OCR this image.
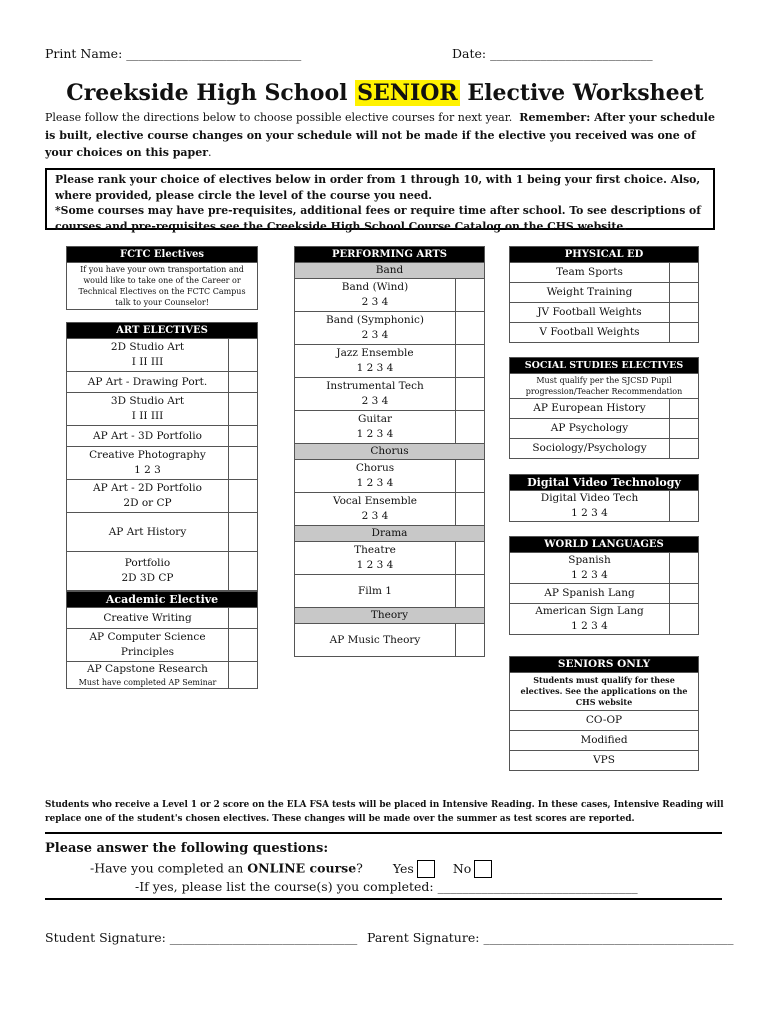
Print Name: ____________________________	Date: __________________________
Creekside High School SENIOR Elective Worksheet
Please follow the directions below to choose possible elective courses for next year. Remember: After your schedule is built, elective course changes on your schedule will not be made if the elective you received was one of your choices on this paper.
Please rank your choice of electives below in order from 1 through 10, with 1 being your first choice. Also, where provided, please circle the level of the course you need.
*Some courses may have pre-requisites, additional fees or require time after school. To see descriptions of courses and pre-requisites see the Creekside High School Course Catalog on the CHS website.
FCTC Electives
If you have your own transportation and would like to take one of the Career or Technical Electives on the FCTC Campus talk to your Counselor!
ART ELECTIVES	

2D Studio Art
I II III	

AP Art - Drawing Port.	

3D Studio Art
I II III	

AP Art - 3D Portfolio	

Creative Photography
1 2 3	

AP Art - 2D Portfolio
2D or CP	

AP Art History	

Portfolio
2D 3D CP	

Academic Elective	

Creative Writing	

AP Computer Science
Principles	

AP Capstone Research
Must have completed AP Seminar	

PERFORMING ARTS	
Band	

Band (Wind)
2 3 4	

Band (Symphonic)
2 3 4	

Jazz Ensemble
1 2 3 4	

Instrumental Tech
2 3 4	

Guitar
1 2 3 4	

Chorus	

Chorus
1 2 3 4	

Vocal Ensemble
2 3 4	

Drama	

Theatre
1 2 3 4	

Film 1	

Theory	

AP Music Theory	

PHYSICAL ED	
Team Sports	
Weight Training	
JV Football Weights	
V Football Weights	
SOCIAL STUDIES ELECTIVES	
Must qualify per the SJCSD Pupil progression/Teacher Recommendation	
AP European History	
AP Psychology	
Sociology/Psychology	
Digital Video Technology

Digital Video Tech
1 2 3 4

WORLD LANGUAGES	

Spanish
1 2 3 4	

AP Spanish Lang	

American Sign Lang
1 2 3 4	

SENIORS ONLY
Students must qualify for these electives. See the applications on the CHS website
CO-OP
Modified
VPS
Students who receive a Level 1 or 2 score on the ELA FSA tests will be placed in Intensive Reading. In these cases, Intensive Reading will replace one of the student's chosen electives. These changes will be made over the summer as test scores are reported.
Please answer the following questions:
-Have you completed an ONLINE course? Yes	No
-If yes, please list the course(s) you completed: ________________________________
Student Signature: ______________________________ Parent Signature: ________________________________________
